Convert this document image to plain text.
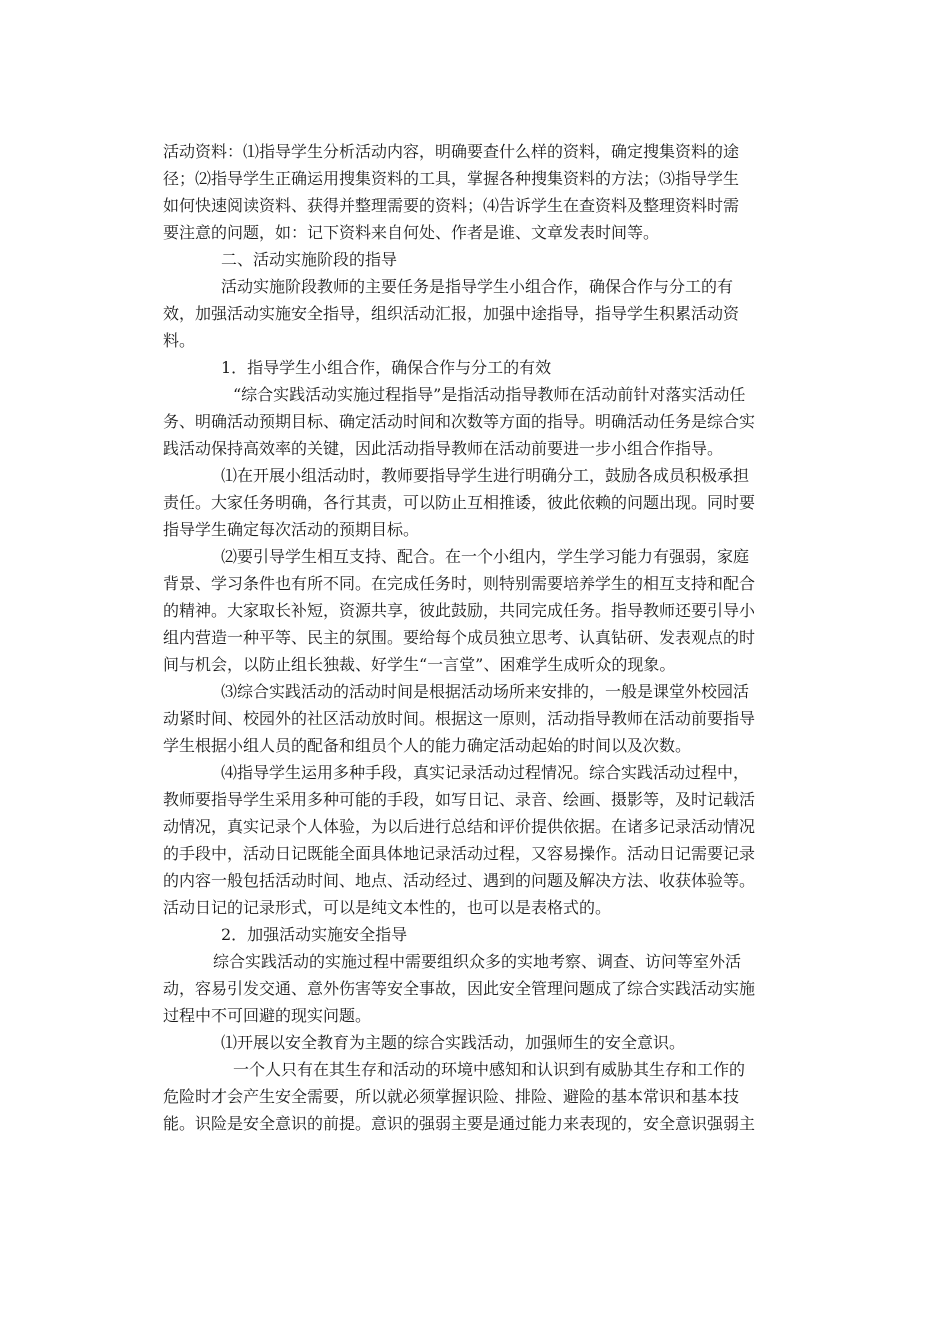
活动资料：⑴指导学生分析活动内容，明确要查什么样的资料，确定搜集资料的途
径；⑵指导学生正确运用搜集资料的工具，掌握各种搜集资料的方法；⑶指导学生
如何快速阅读资料、获得并整理需要的资料；⑷告诉学生在查资料及整理资料时需
要注意的问题，如：记下资料来自何处、作者是谁、文章发表时间等。
二、活动实施阶段的指导
活动实施阶段教师的主要任务是指导学生小组合作，确保合作与分工的有
效，加强活动实施安全指导，组织活动汇报，加强中途指导，指导学生积累活动资
料。
1．指导学生小组合作，确保合作与分工的有效
“综合实践活动实施过程指导”是指活动指导教师在活动前针对落实活动任
务、明确活动预期目标、确定活动时间和次数等方面的指导。明确活动任务是综合实
践活动保持高效率的关键，因此活动指导教师在活动前要进一步小组合作指导。
⑴在开展小组活动时，教师要指导学生进行明确分工，鼓励各成员积极承担
责任。大家任务明确，各行其责，可以防止互相推诿，彼此依赖的问题出现。同时要
指导学生确定每次活动的预期目标。
⑵要引导学生相互支持、配合。在一个小组内，学生学习能力有强弱，家庭
背景、学习条件也有所不同。在完成任务时，则特别需要培养学生的相互支持和配合
的精神。大家取长补短，资源共享，彼此鼓励，共同完成任务。指导教师还要引导小
组内营造一种平等、民主的氛围。要给每个成员独立思考、认真钻研、发表观点的时
间与机会，以防止组长独裁、好学生“一言堂”、困难学生成听众的现象。
⑶综合实践活动的活动时间是根据活动场所来安排的，一般是课堂外校园活
动紧时间、校园外的社区活动放时间。根据这一原则，活动指导教师在活动前要指导
学生根据小组人员的配备和组员个人的能力确定活动起始的时间以及次数。
⑷指导学生运用多种手段，真实记录活动过程情况。综合实践活动过程中，
教师要指导学生采用多种可能的手段，如写日记、录音、绘画、摄影等，及时记载活
动情况，真实记录个人体验，为以后进行总结和评价提供依据。在诸多记录活动情况
的手段中，活动日记既能全面具体地记录活动过程，又容易操作。活动日记需要记录
的内容一般包括活动时间、地点、活动经过、遇到的问题及解决方法、收获体验等。
活动日记的记录形式，可以是纯文本性的，也可以是表格式的。
2．加强活动实施安全指导
综合实践活动的实施过程中需要组织众多的实地考察、调查、访问等室外活
动，容易引发交通、意外伤害等安全事故，因此安全管理问题成了综合实践活动实施
过程中不可回避的现实问题。
⑴开展以安全教育为主题的综合实践活动，加强师生的安全意识。
一个人只有在其生存和活动的环境中感知和认识到有威胁其生存和工作的
危险时才会产生安全需要，所以就必须掌握识险、排险、避险的基本常识和基本技
能。识险是安全意识的前提。意识的强弱主要是通过能力来表现的，安全意识强弱主
